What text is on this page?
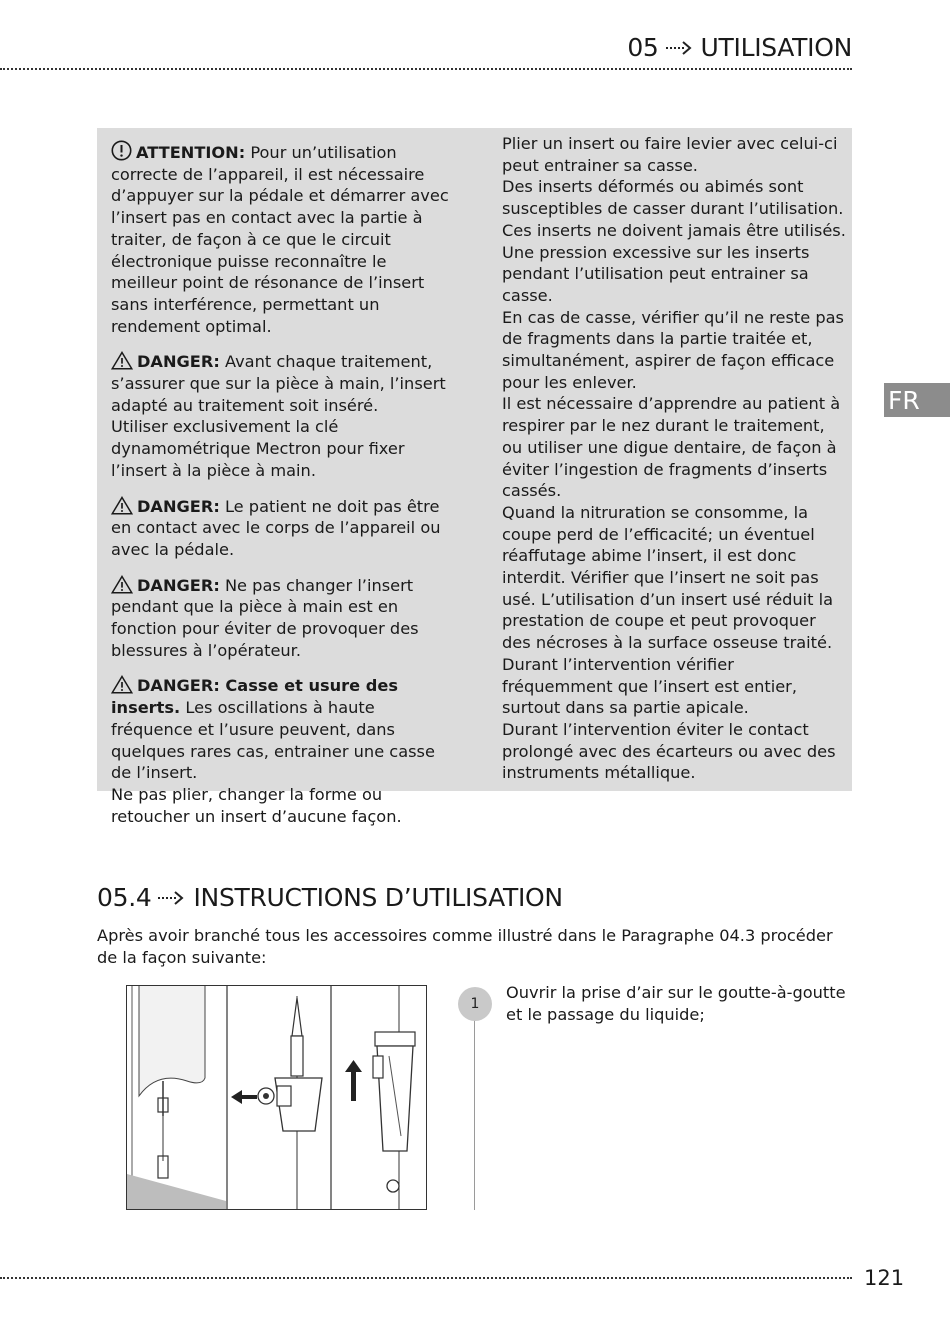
05 UTILISATION

ATTENTION: Pour un’utilisation correcte de l’appareil, il est nécessaire d’appuyer sur la pédale et démarrer avec l’insert pas en contact avec la partie à traiter, de façon à ce que le circuit électronique puisse reconnaître le meilleur point de résonance de l’insert sans interférence, permettant un rendement optimal.

DANGER: Avant chaque traitement, s’assurer que sur la pièce à main, l’insert adapté au traitement soit inséré.

Utiliser exclusivement la clé dynamométrique Mectron pour fixer l’insert à la pièce à main.

DANGER: Le patient ne doit pas être en contact avec le corps de l’appareil ou avec la pédale.

DANGER: Ne pas changer l’insert pendant que la pièce à main est en fonction pour éviter de provoquer des blessures à l’opérateur.

DANGER: Casse et usure des inserts. Les oscillations à haute fréquence et l’usure peuvent, dans quelques rares cas, entrainer une casse de l’insert.

Ne pas plier, changer la forme ou retoucher un insert d’aucune façon.

Plier un insert ou faire levier avec celui-ci peut entrainer sa casse.

Des inserts déformés ou abimés sont susceptibles de casser durant l’utilisation.

Ces inserts ne doivent jamais être utilisés.

Une pression excessive sur les inserts pendant l’utilisation peut entrainer sa casse.

En cas de casse, vérifier qu’il ne reste pas de fragments dans la partie traitée et, simultanément, aspirer de façon efficace pour les enlever.

Il est nécessaire d’apprendre au patient à respirer par le nez durant le traitement, ou utiliser une digue dentaire, de façon à éviter l’ingestion de fragments d’inserts cassés.

Quand la nitruration se consomme, la coupe perd de l’efficacité; un éventuel réaffutage abime l’insert, il est donc interdit. Vérifier que l’insert ne soit pas usé. L’utilisation d’un insert usé réduit la prestation de coupe et peut provoquer des nécroses à la surface osseuse traité.

Durant l’intervention vérifier fréquemment que l’insert est entier, surtout dans sa partie apicale.

Durant l’intervention éviter le contact prolongé avec des écarteurs ou avec des instruments métallique.

FR
05.4 INSTRUCTIONS D’UTILISATION

Après avoir branché tous les accessoires comme illustré dans le Paragraphe 04.3 procéder de la façon suivante:

1

Ouvrir la prise d’air sur le goutte-à-goutte et le passage du liquide;

121
